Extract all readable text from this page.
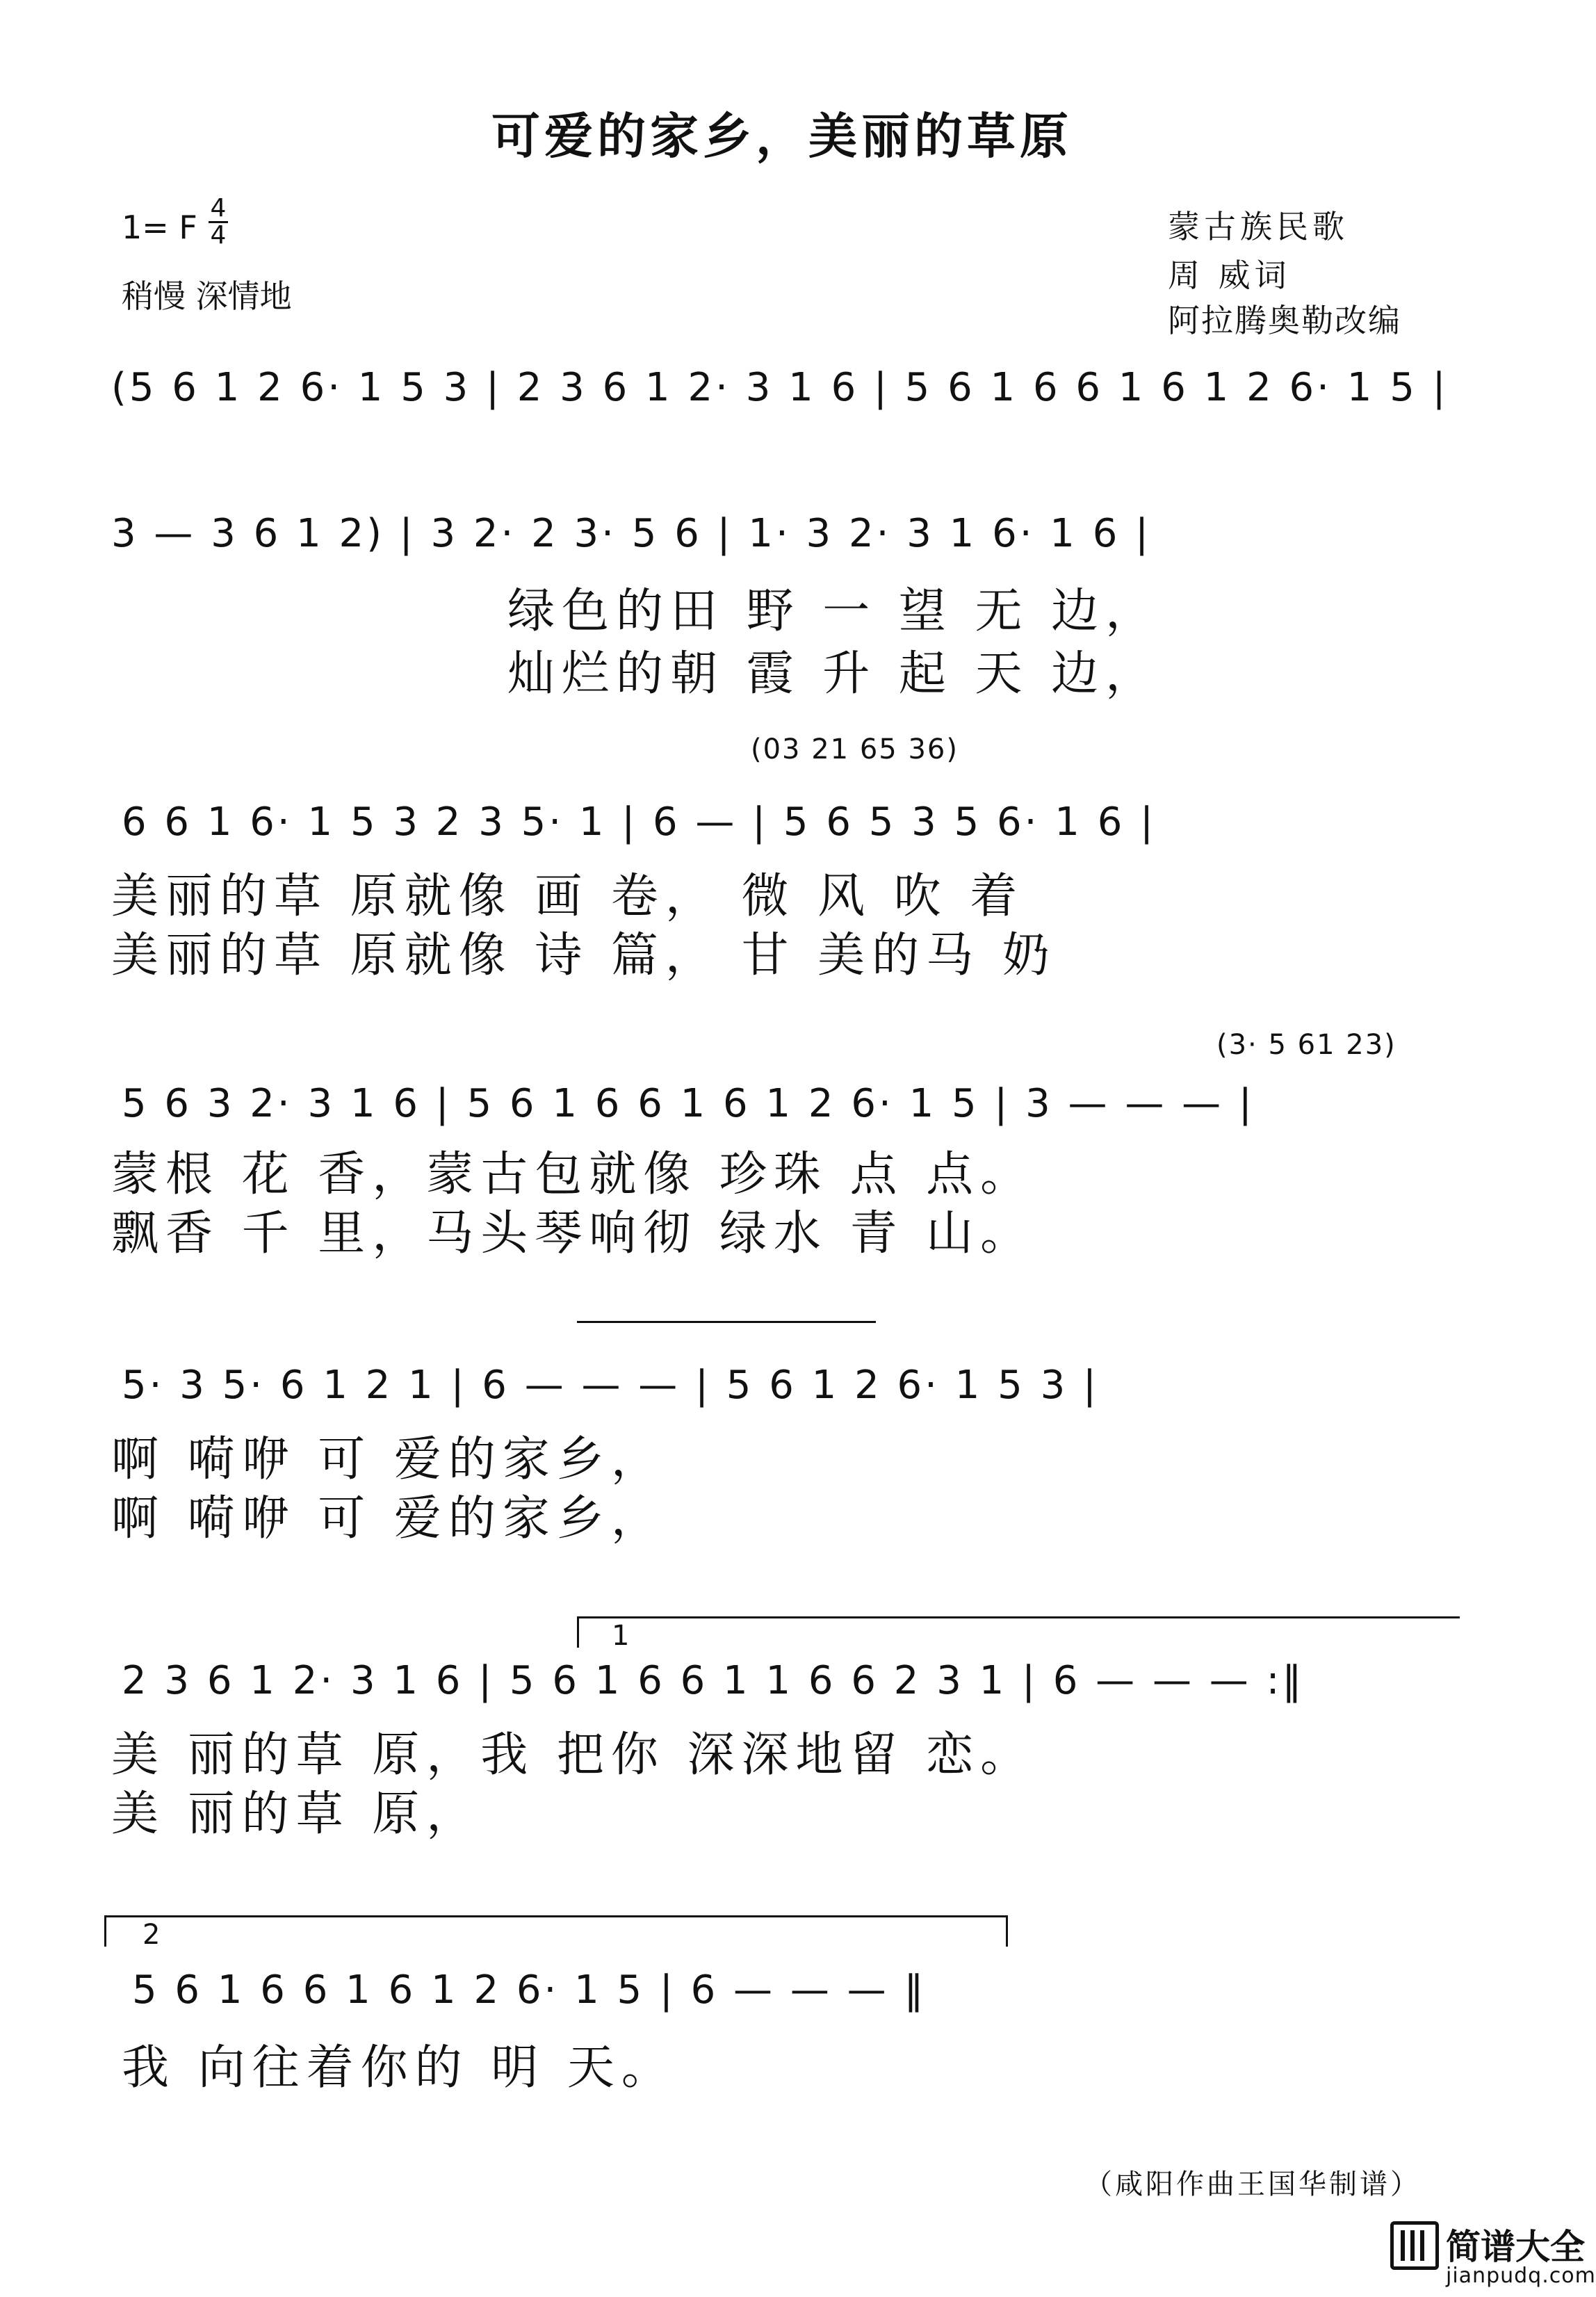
可爱的家乡，美丽的草原
1= F
4
4
稍慢 深情地
蒙古族民歌
周 威词
阿拉腾奥勒改编
(5 6 1 2 6· 1 5 3 | 2 3 6 1 2· 3 1 6 | 5 6 1 6 6 1 6 1 2 6· 1 5 |
3 — 3 6 1 2) | 3 2· 2 3· 5 6 | 1· 3 2· 3 1 6· 1 6 |
绿色的田 野 一 望 无 边，
灿烂的朝 霞 升 起 天 边，
(03 21 65 36)
6 6 1 6· 1 5 3 2 3 5· 1 | 6 — | 5 6 5 3 5 6· 1 6 |
美丽的草 原就像 画 卷， 微 风 吹 着
美丽的草 原就像 诗 篇， 甘 美的马 奶
(3· 5 61 23)
5 6 3 2· 3 1 6 | 5 6 1 6 6 1 6 1 2 6· 1 5 | 3 — — — |
蒙根 花 香，蒙古包就像 珍珠 点 点。
飘香 千 里，马头琴响彻 绿水 青 山。
5· 3 5· 6 1 2 1 | 6 — — — | 5 6 1 2 6· 1 5 3 |
啊 嗬咿 可 爱的家乡，
啊 嗬咿 可 爱的家乡，
1
2 3 6 1 2· 3 1 6 | 5 6 1 6 6 1 1 6 6 2 3 1 | 6 — — — :‖
美 丽的草 原，我 把你 深深地留 恋。
美 丽的草 原，
2
5 6 1 6 6 1 6 1 2 6· 1 5 | 6 — — — ‖
我 向往着你的 明 天。
（咸阳作曲王国华制谱）
简谱大全
jianpudq.com
